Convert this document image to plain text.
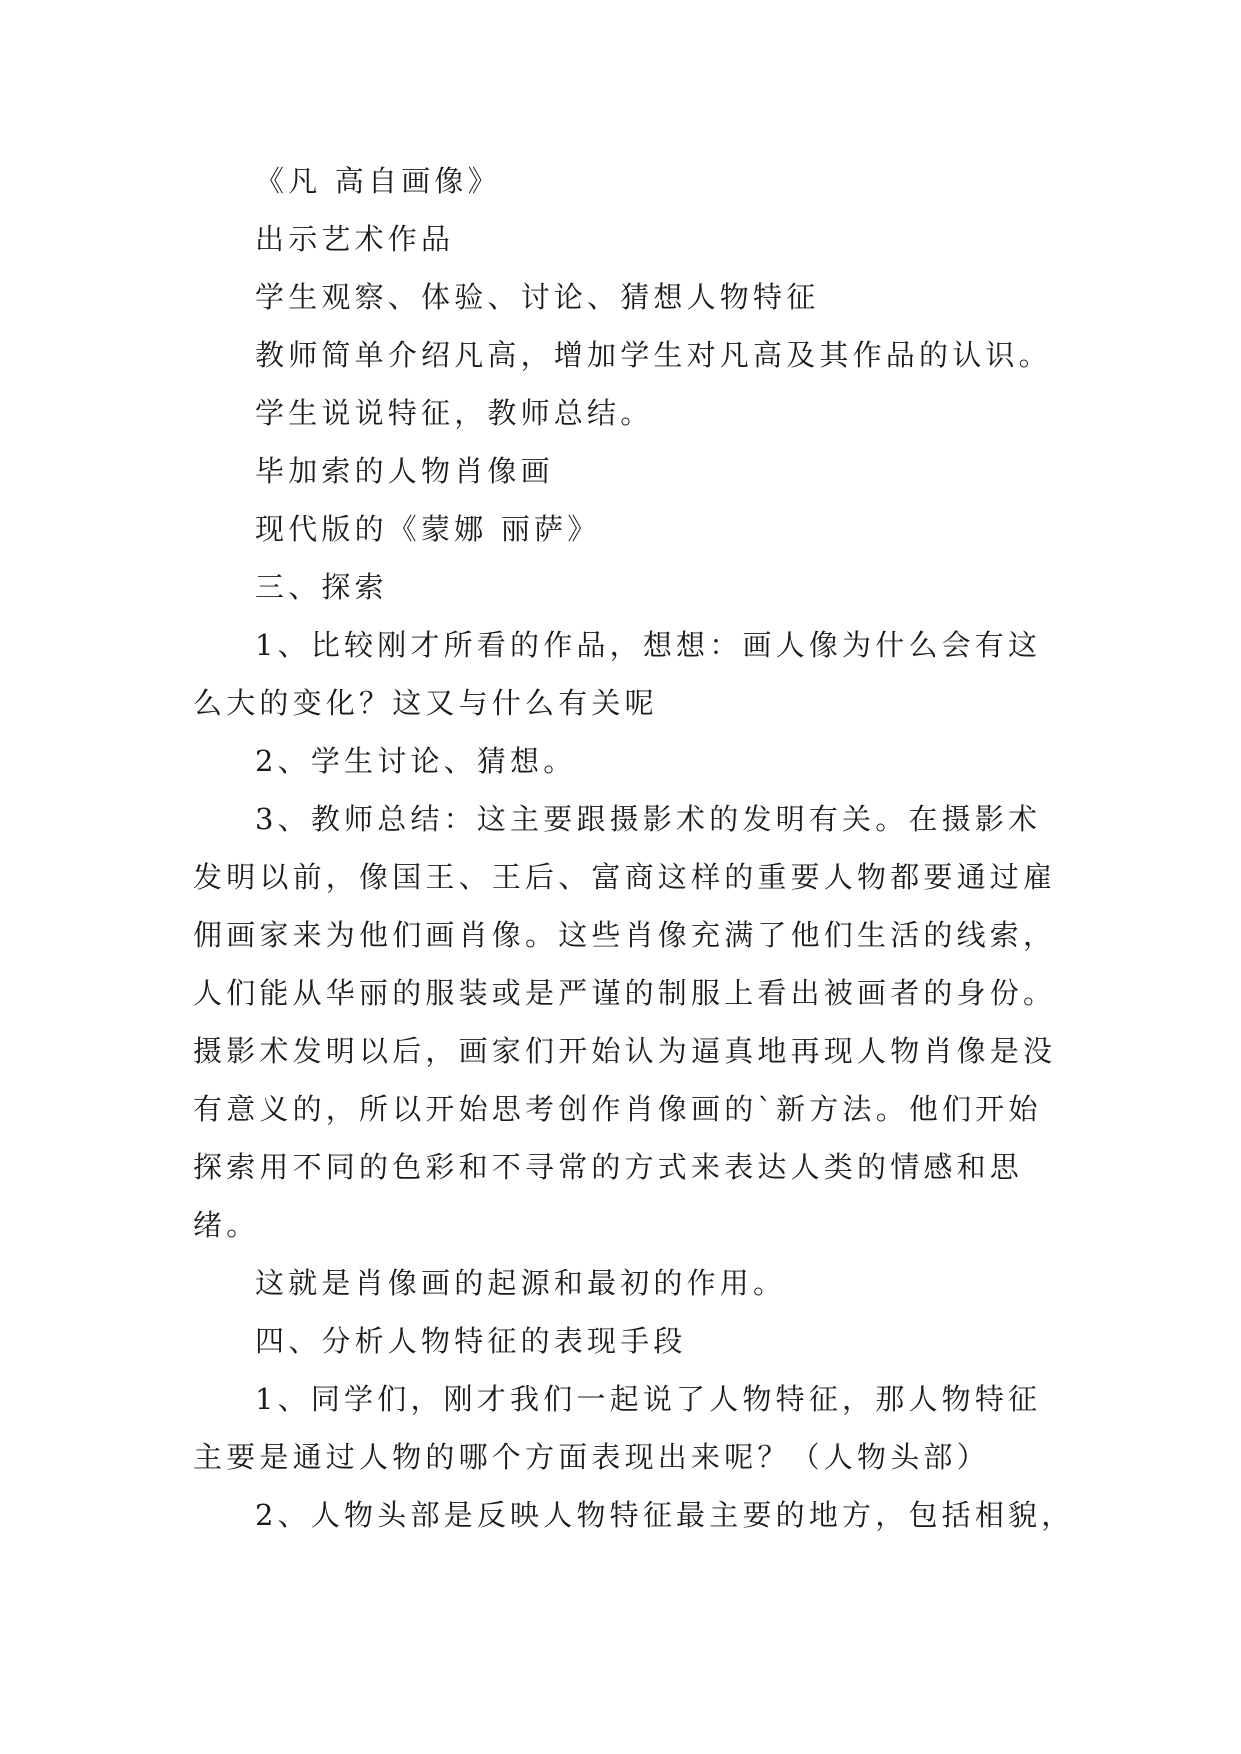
《凡 高自画像》
出示艺术作品
学生观察、体验、讨论、猜想人物特征
教师简单介绍凡高，增加学生对凡高及其作品的认识。
学生说说特征，教师总结。
毕加索的人物肖像画
现代版的《蒙娜 丽萨》
三、探索
1、比较刚才所看的作品，想想：画人像为什么会有这
么大的变化？这又与什么有关呢
2、学生讨论、猜想。
3、教师总结：这主要跟摄影术的发明有关。在摄影术
发明以前，像国王、王后、富商这样的重要人物都要通过雇
佣画家来为他们画肖像。这些肖像充满了他们生活的线索，
人们能从华丽的服装或是严谨的制服上看出被画者的身份。
摄影术发明以后，画家们开始认为逼真地再现人物肖像是没
有意义的，所以开始思考创作肖像画的`新方法。他们开始
探索用不同的色彩和不寻常的方式来表达人类的情感和思
绪。
这就是肖像画的起源和最初的作用。
四、分析人物特征的表现手段
1、同学们，刚才我们一起说了人物特征，那人物特征
主要是通过人物的哪个方面表现出来呢？（人物头部）
2、人物头部是反映人物特征最主要的地方，包括相貌，
